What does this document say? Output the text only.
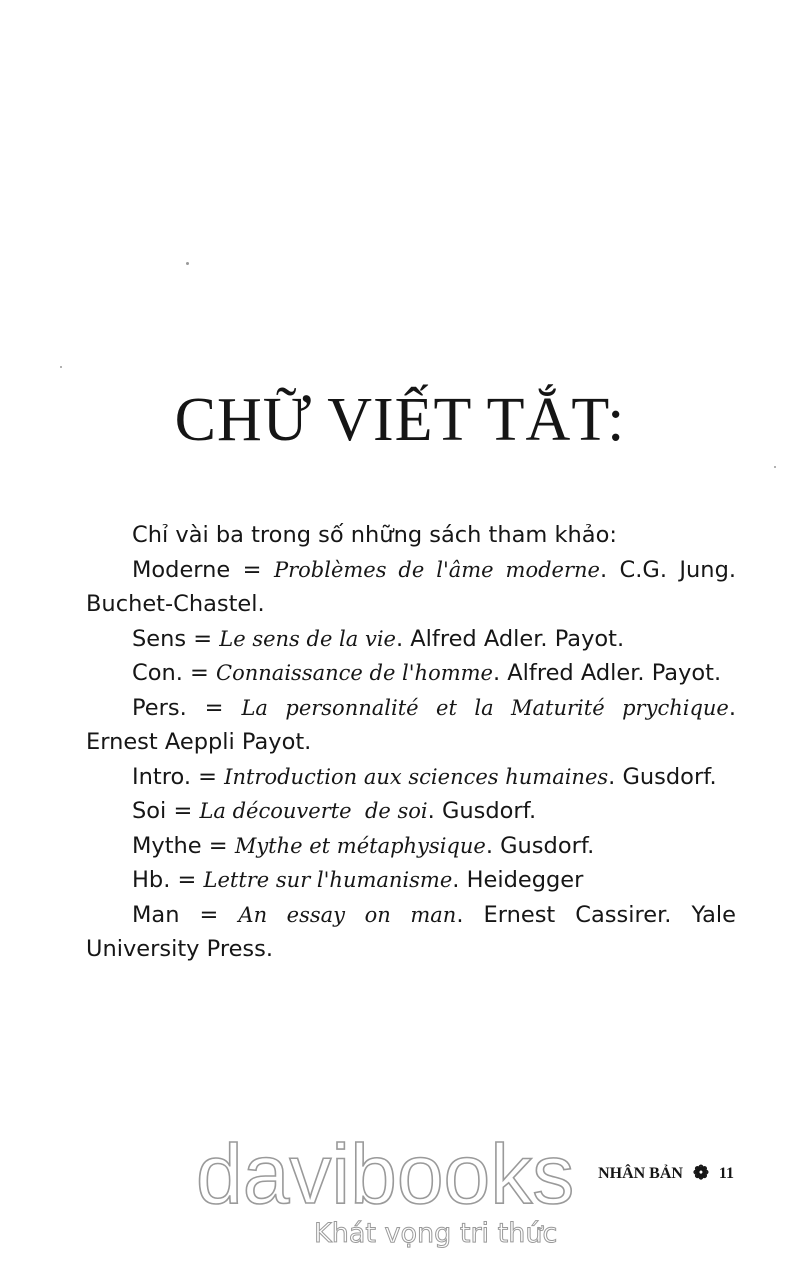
CHỮ VIẾT TẮT:

Chỉ vài ba trong số những sách tham khảo:

Moderne = Problèmes de l'âme moderne. C.G. Jung. Buchet-Chastel.

Sens = Le sens de la vie. Alfred Adler. Payot.

Con. = Connaissance de l'homme. Alfred Adler. Payot.

Pers. = La personnalité et la Maturité prychique. Ernest Aeppli Payot.

Intro. = Introduction aux sciences humaines. Gusdorf.

Soi = La découverte  de soi. Gusdorf.

Mythe = Mythe et métaphysique. Gusdorf.

Hb. = Lettre sur l'humanisme. Heidegger

Man = An essay on man. Ernest Cassirer. Yale University Press.

davibooks
Khát vọng tri thức
NHÂN BẢN ❁ 11
